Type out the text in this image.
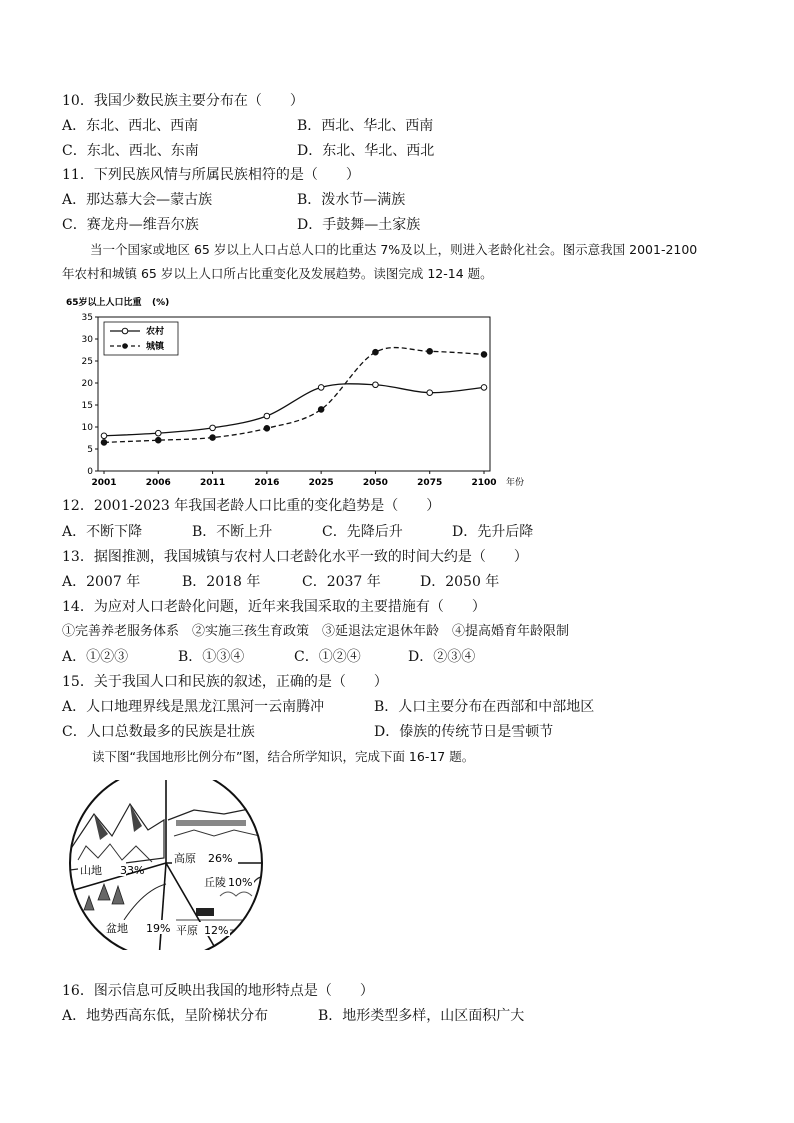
10．我国少数民族主要分布在（　　）
A．东北、西北、西南	B．西北、华北、西南
C．东北、西北、东南	D．东北、华北、西北
11．下列民族风情与所属民族相符的是（　　）
A．那达慕大会—蒙古族	B．泼水节—满族
C．赛龙舟—维吾尔族	D．手鼓舞—土家族
当一个国家或地区 65 岁以上人口占总人口的比重达 7%及以上，则进入老龄化社会。图示意我国 2001-2100
年农村和城镇 65 岁以上人口所占比重变化及发展趋势。读图完成 12-14 题。
65岁以上人口比重 (%)
0
5
10
15
20
25
30
35
2001	2006	2011	2016	2025	2050	2075	2100
农村
城镇
年份
12．2001-2023 年我国老龄人口比重的变化趋势是（　　）
A．不断下降	B．不断上升	C．先降后升	D．先升后降
13．据图推测，我国城镇与农村人口老龄化水平一致的时间大约是（　　）
A．2007 年	B．2018 年	C．2037 年	D．2050 年
14．为应对人口老龄化问题，近年来我国采取的主要措施有（　　）
①完善养老服务体系　②实施三孩生育政策　③延退法定退休年龄　④提高婚育年龄限制
A．①②③	B．①③④	C．①②④	D．②③④
15．关于我国人口和民族的叙述，正确的是（　　）
A．人口地理界线是黑龙江黑河一云南腾冲	B．人口主要分布在西部和中部地区
C．人口总数最多的民族是壮族	D．傣族的传统节日是雪顿节
读下图“我国地形比例分布”图，结合所学知识，完成下面 16-17 题。
山地 33%
高原 26%
丘陵 10%
平原 12%
盆地 19%
16．图示信息可反映出我国的地形特点是（　　）
A．地势西高东低，呈阶梯状分布	B．地形类型多样，山区面积广大
